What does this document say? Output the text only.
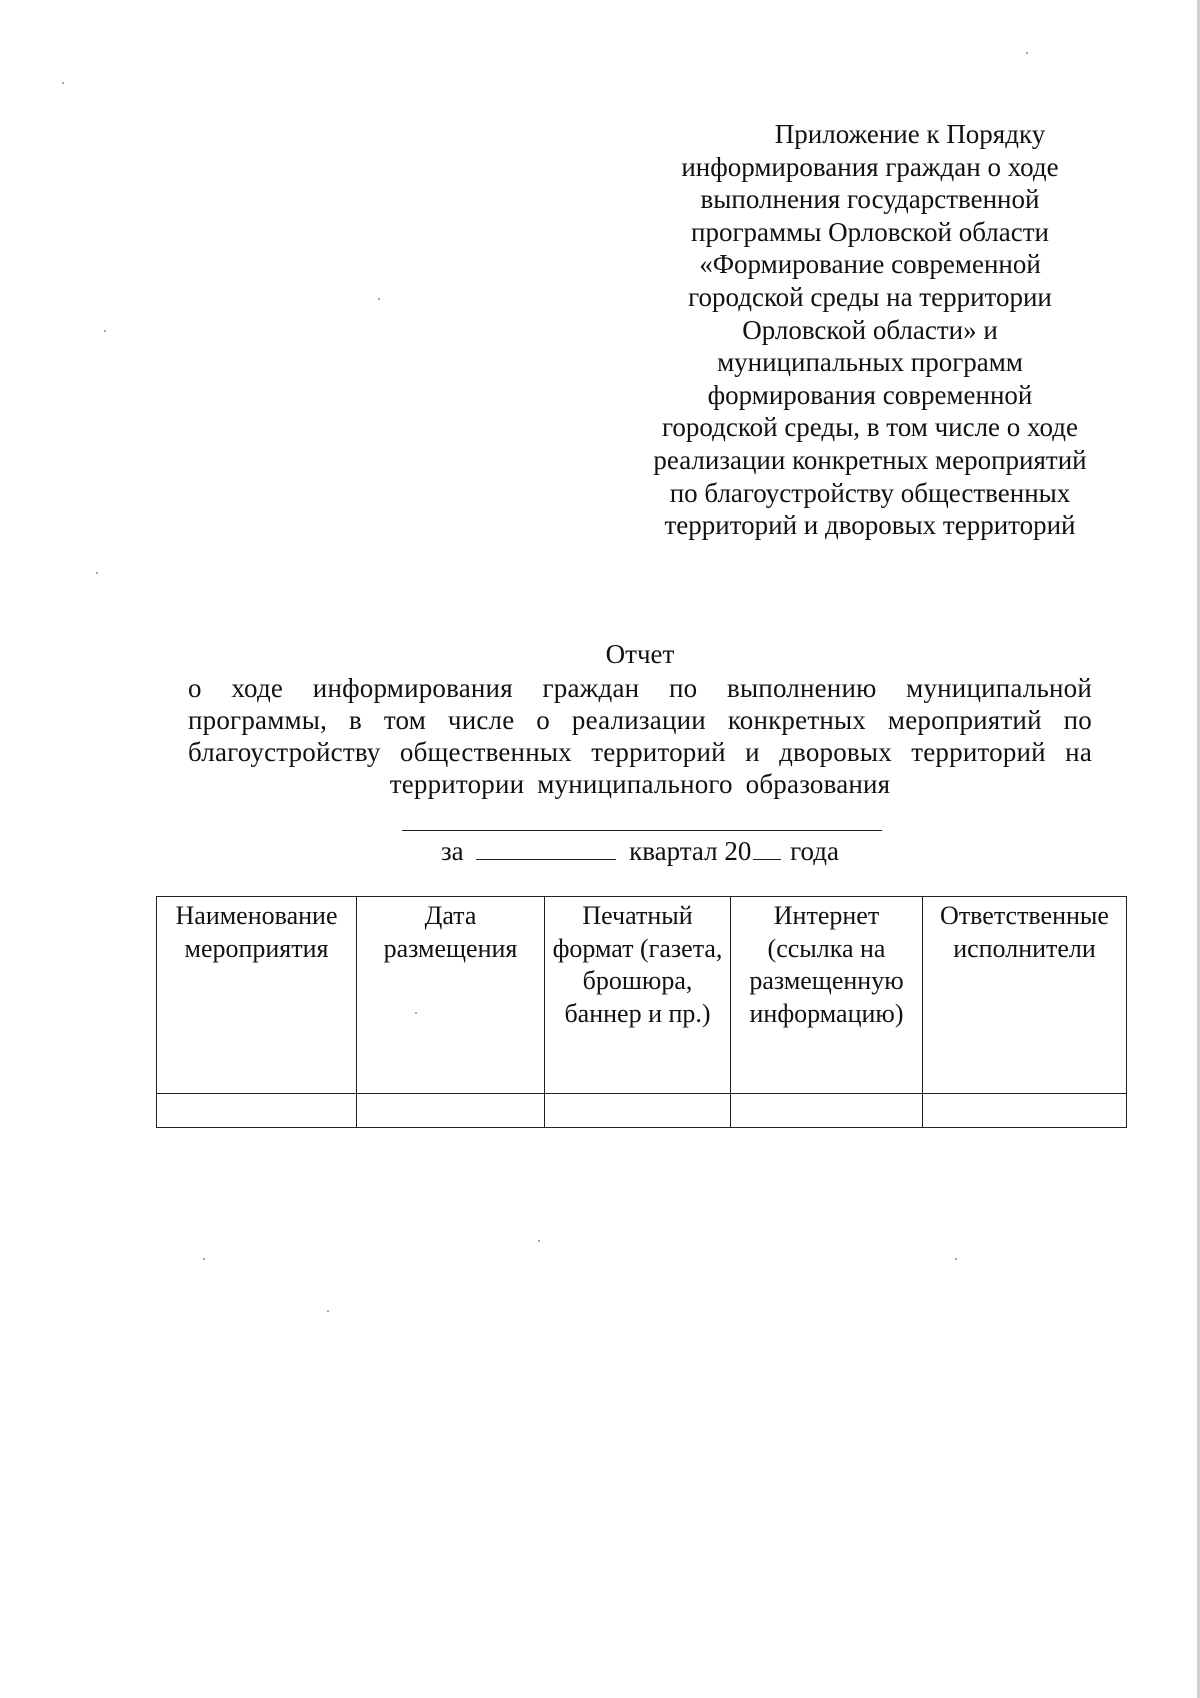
Приложение к Порядку
информирования граждан о ходе
выполнения государственной
программы Орловской области
«Формирование современной
городской среды на территории
Орловской области» и
муниципальных программ
формирования современной
городской среды, в том числе о ходе
реализации конкретных мероприятий
по благоустройству общественных
территорий и дворовых территорий
Отчет
о ходе информирования граждан по выполнению муниципальной программы, в том числе о реализации конкретных мероприятий по благоустройству общественных территорий и дворовых территорий на территории муниципального образования
за	квартал 20 года
Наименование мероприятия	Дата размещения	Печатный формат (газета, брошюра, баннер и пр.)	Интернет (ссылка на размещенную информацию)	Ответственные исполнители
